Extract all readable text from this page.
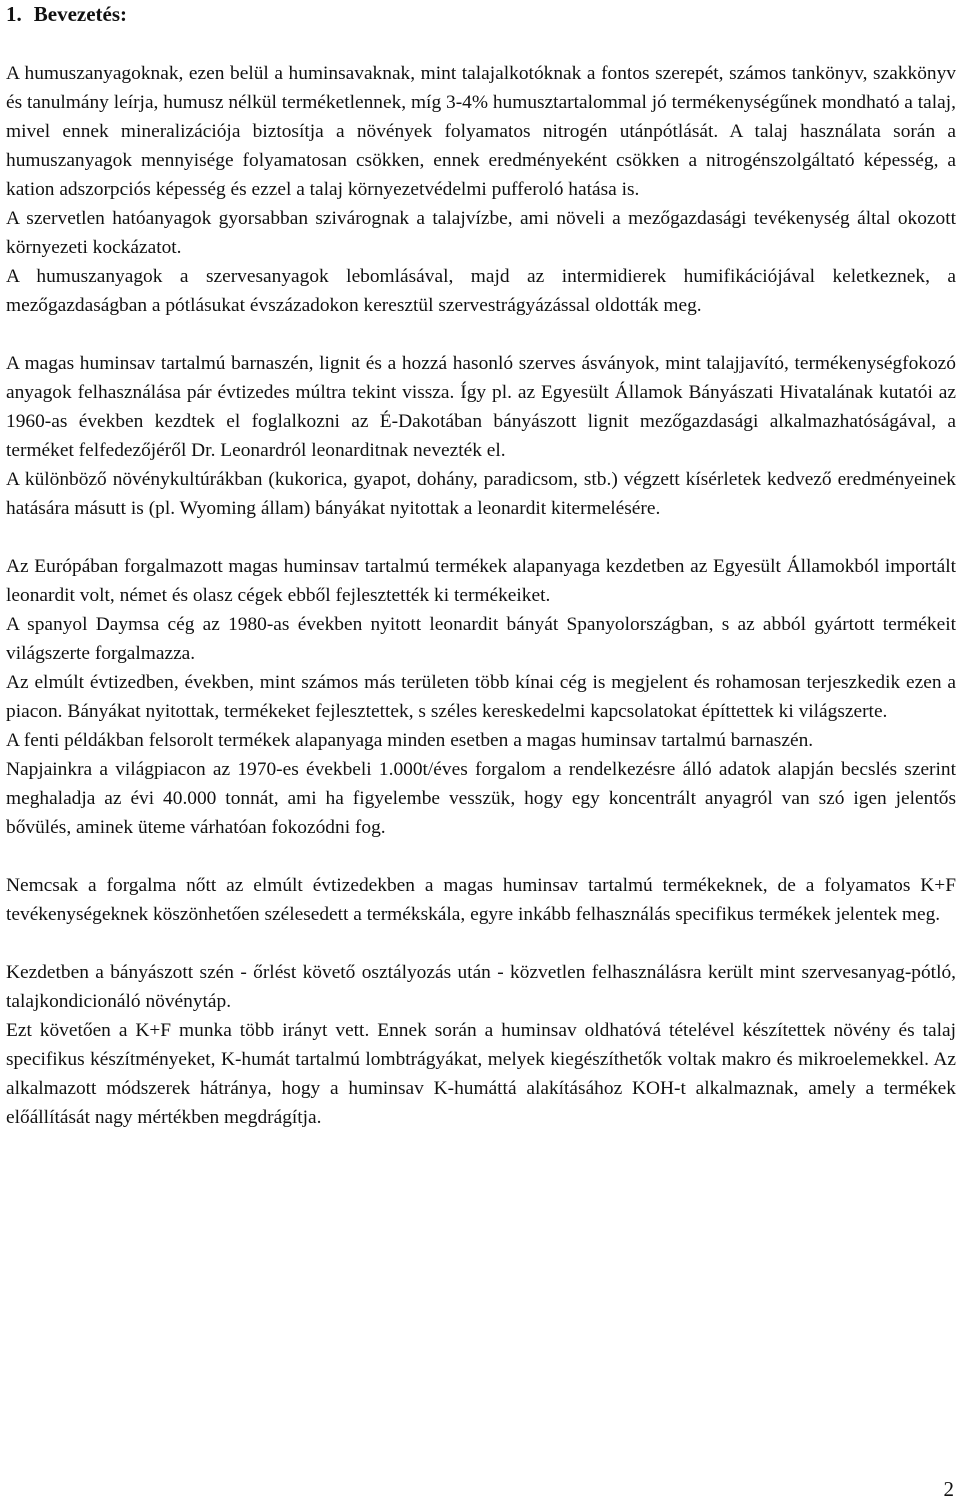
1. Bevezetés:

A humuszanyagoknak, ezen belül a huminsavaknak, mint talajalkotóknak a fontos szerepét, számos tankönyv, szakkönyv és tanulmány leírja, humusz nélkül terméketlennek, míg 3-4% humusztartalommal jó termékenységűnek mondható a talaj, mivel ennek mineralizációja biztosítja a növények folyamatos nitrogén utánpótlását. A talaj használata során a humuszanyagok mennyisége folyamatosan csökken, ennek eredményeként csökken a nitrogénszolgáltató képesség, a kation adszorpciós képesség és ezzel a talaj környezetvédelmi pufferoló hatása is.

A szervetlen hatóanyagok gyorsabban szivárognak a talajvízbe, ami növeli a mezőgazdasági tevékenység által okozott környezeti kockázatot.

A humuszanyagok a szervesanyagok lebomlásával, majd az intermidierek humifikációjával keletkeznek, a mezőgazdaságban a pótlásukat évszázadokon keresztül szervestrágyázással oldották meg.

A magas huminsav tartalmú barnaszén, lignit és a hozzá hasonló szerves ásványok, mint talajjavító, termékenységfokozó anyagok felhasználása pár évtizedes múltra tekint vissza. Így pl. az Egyesült Államok Bányászati Hivatalának kutatói az 1960-as években kezdtek el foglalkozni az É-Dakotában bányászott lignit mezőgazdasági alkalmazhatóságával, a terméket felfedezőjéről Dr. Leonardról leonarditnak nevezték el.

A különböző növénykultúrákban (kukorica, gyapot, dohány, paradicsom, stb.) végzett kísérletek kedvező eredményeinek hatására másutt is (pl. Wyoming állam) bányákat nyitottak a leonardit kitermelésére.

Az Európában forgalmazott magas huminsav tartalmú termékek alapanyaga kezdetben az Egyesült Államokból importált leonardit volt, német és olasz cégek ebből fejlesztették ki termékeiket.

A spanyol Daymsa cég az 1980-as években nyitott leonardit bányát Spanyolországban, s az abból gyártott termékeit világszerte forgalmazza.

Az elmúlt évtizedben, években, mint számos más területen több kínai cég is megjelent és rohamosan terjeszkedik ezen a piacon. Bányákat nyitottak, termékeket fejlesztettek, s széles kereskedelmi kapcsolatokat építtettek ki világszerte.

A fenti példákban felsorolt termékek alapanyaga minden esetben a magas huminsav tartalmú barnaszén.

Napjainkra a világpiacon az 1970-es évekbeli 1.000t/éves forgalom a rendelkezésre álló adatok alapján becslés szerint meghaladja az évi 40.000 tonnát, ami ha figyelembe vesszük, hogy egy koncentrált anyagról van szó igen jelentős bővülés, aminek üteme várhatóan fokozódni fog.

Nemcsak a forgalma nőtt az elmúlt évtizedekben a magas huminsav tartalmú termékeknek, de a folyamatos K+F tevékenységeknek köszönhetően szélesedett a termékskála, egyre inkább felhasználás specifikus termékek jelentek meg.

Kezdetben a bányászott szén - őrlést követő osztályozás után - közvetlen felhasználásra került mint szervesanyag-pótló, talajkondicionáló növénytáp.

Ezt követően a K+F munka több irányt vett. Ennek során a huminsav oldhatóvá tételével készítettek növény és talaj specifikus készítményeket, K-humát tartalmú lombtrágyákat, melyek kiegészíthetők voltak makro és mikroelemekkel. Az alkalmazott módszerek hátránya, hogy a huminsav K-humáttá alakításához KOH-t alkalmaznak, amely a termékek előállítását nagy mértékben megdrágítja.

2
